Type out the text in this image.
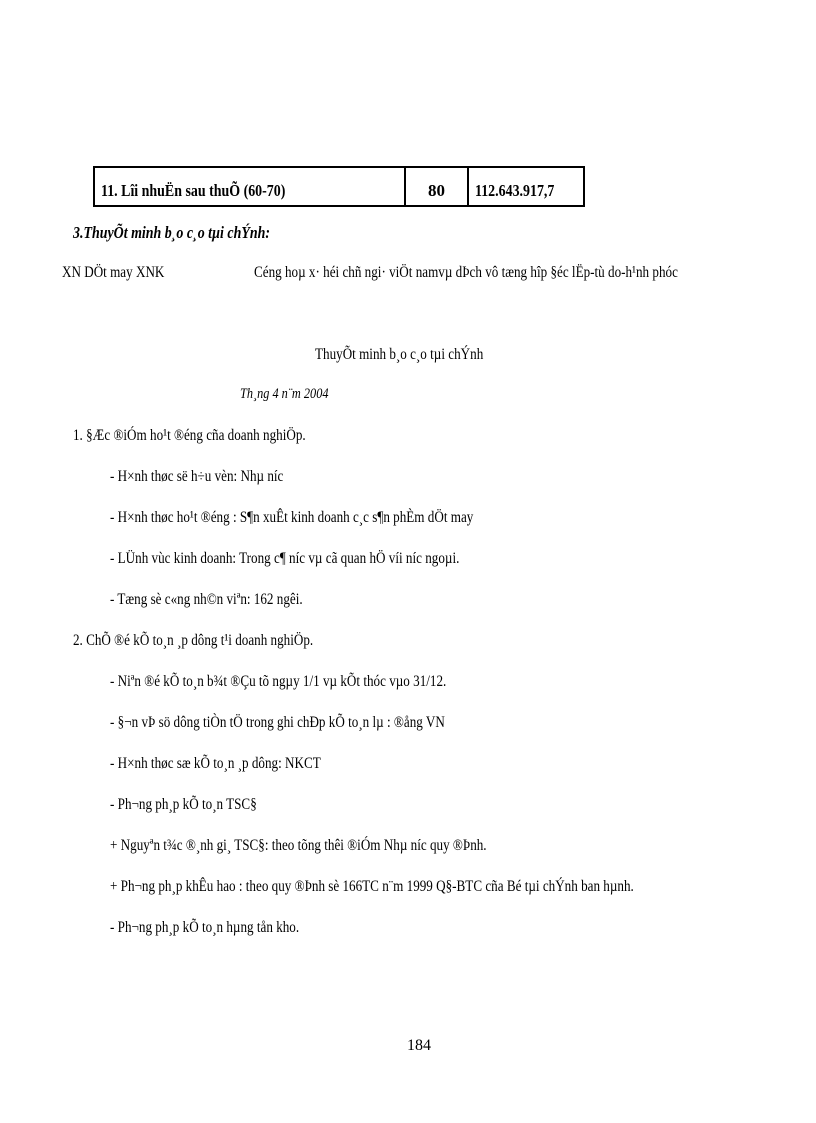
11. Lîi nhuËn sau thuÕ (60-70)	80 112.643.917,7
3.ThuyÕt minh b¸o c¸o tµi chÝnh:
XN DÖt may XNK	Céng hoµ x· héi chñ ngi· viÖt namvµ dÞch vô tæng hîp §éc lËp-tù do-h¹nh phóc
ThuyÕt minh b¸o c¸o tµi chÝnh
Th¸ng 4 n¨m 2004
1. §Æc ®iÓm ho¹t ®éng cña doanh nghiÖp.
- H×nh thøc së h÷u vèn: Nhµ níc
- H×nh thøc ho¹t ®éng : S¶n xuÊt kinh doanh c¸c s¶n phÈm dÖt may
- LÜnh vùc kinh doanh: Trong c¶ níc vµ cã quan hÖ víi níc ngoµi.
- Tæng sè c«ng nh©n viªn: 162 ngêi.
2. ChÕ ®é kÕ to¸n ¸p dông t¹i doanh nghiÖp.
- Niªn ®é kÕ to¸n b¾t ®Çu tõ ngµy 1/1 vµ kÕt thóc vµo 31/12.
- §¬n vÞ sö dông tiÒn tÖ trong ghi chÐp kÕ to¸n lµ : ®ång VN
- H×nh thøc sæ kÕ to¸n ¸p dông: NKCT
- Ph¬ng ph¸p kÕ to¸n TSC§
+ Nguyªn t¾c ®¸nh gi¸ TSC§: theo tõng thêi ®iÓm Nhµ níc quy ®Þnh.
+ Ph¬ng ph¸p khÊu hao : theo quy ®Þnh sè 166TC n¨m 1999 Q§-BTC cña Bé tµi chÝnh ban hµnh.
- Ph¬ng ph¸p kÕ to¸n hµng tån kho.
184
